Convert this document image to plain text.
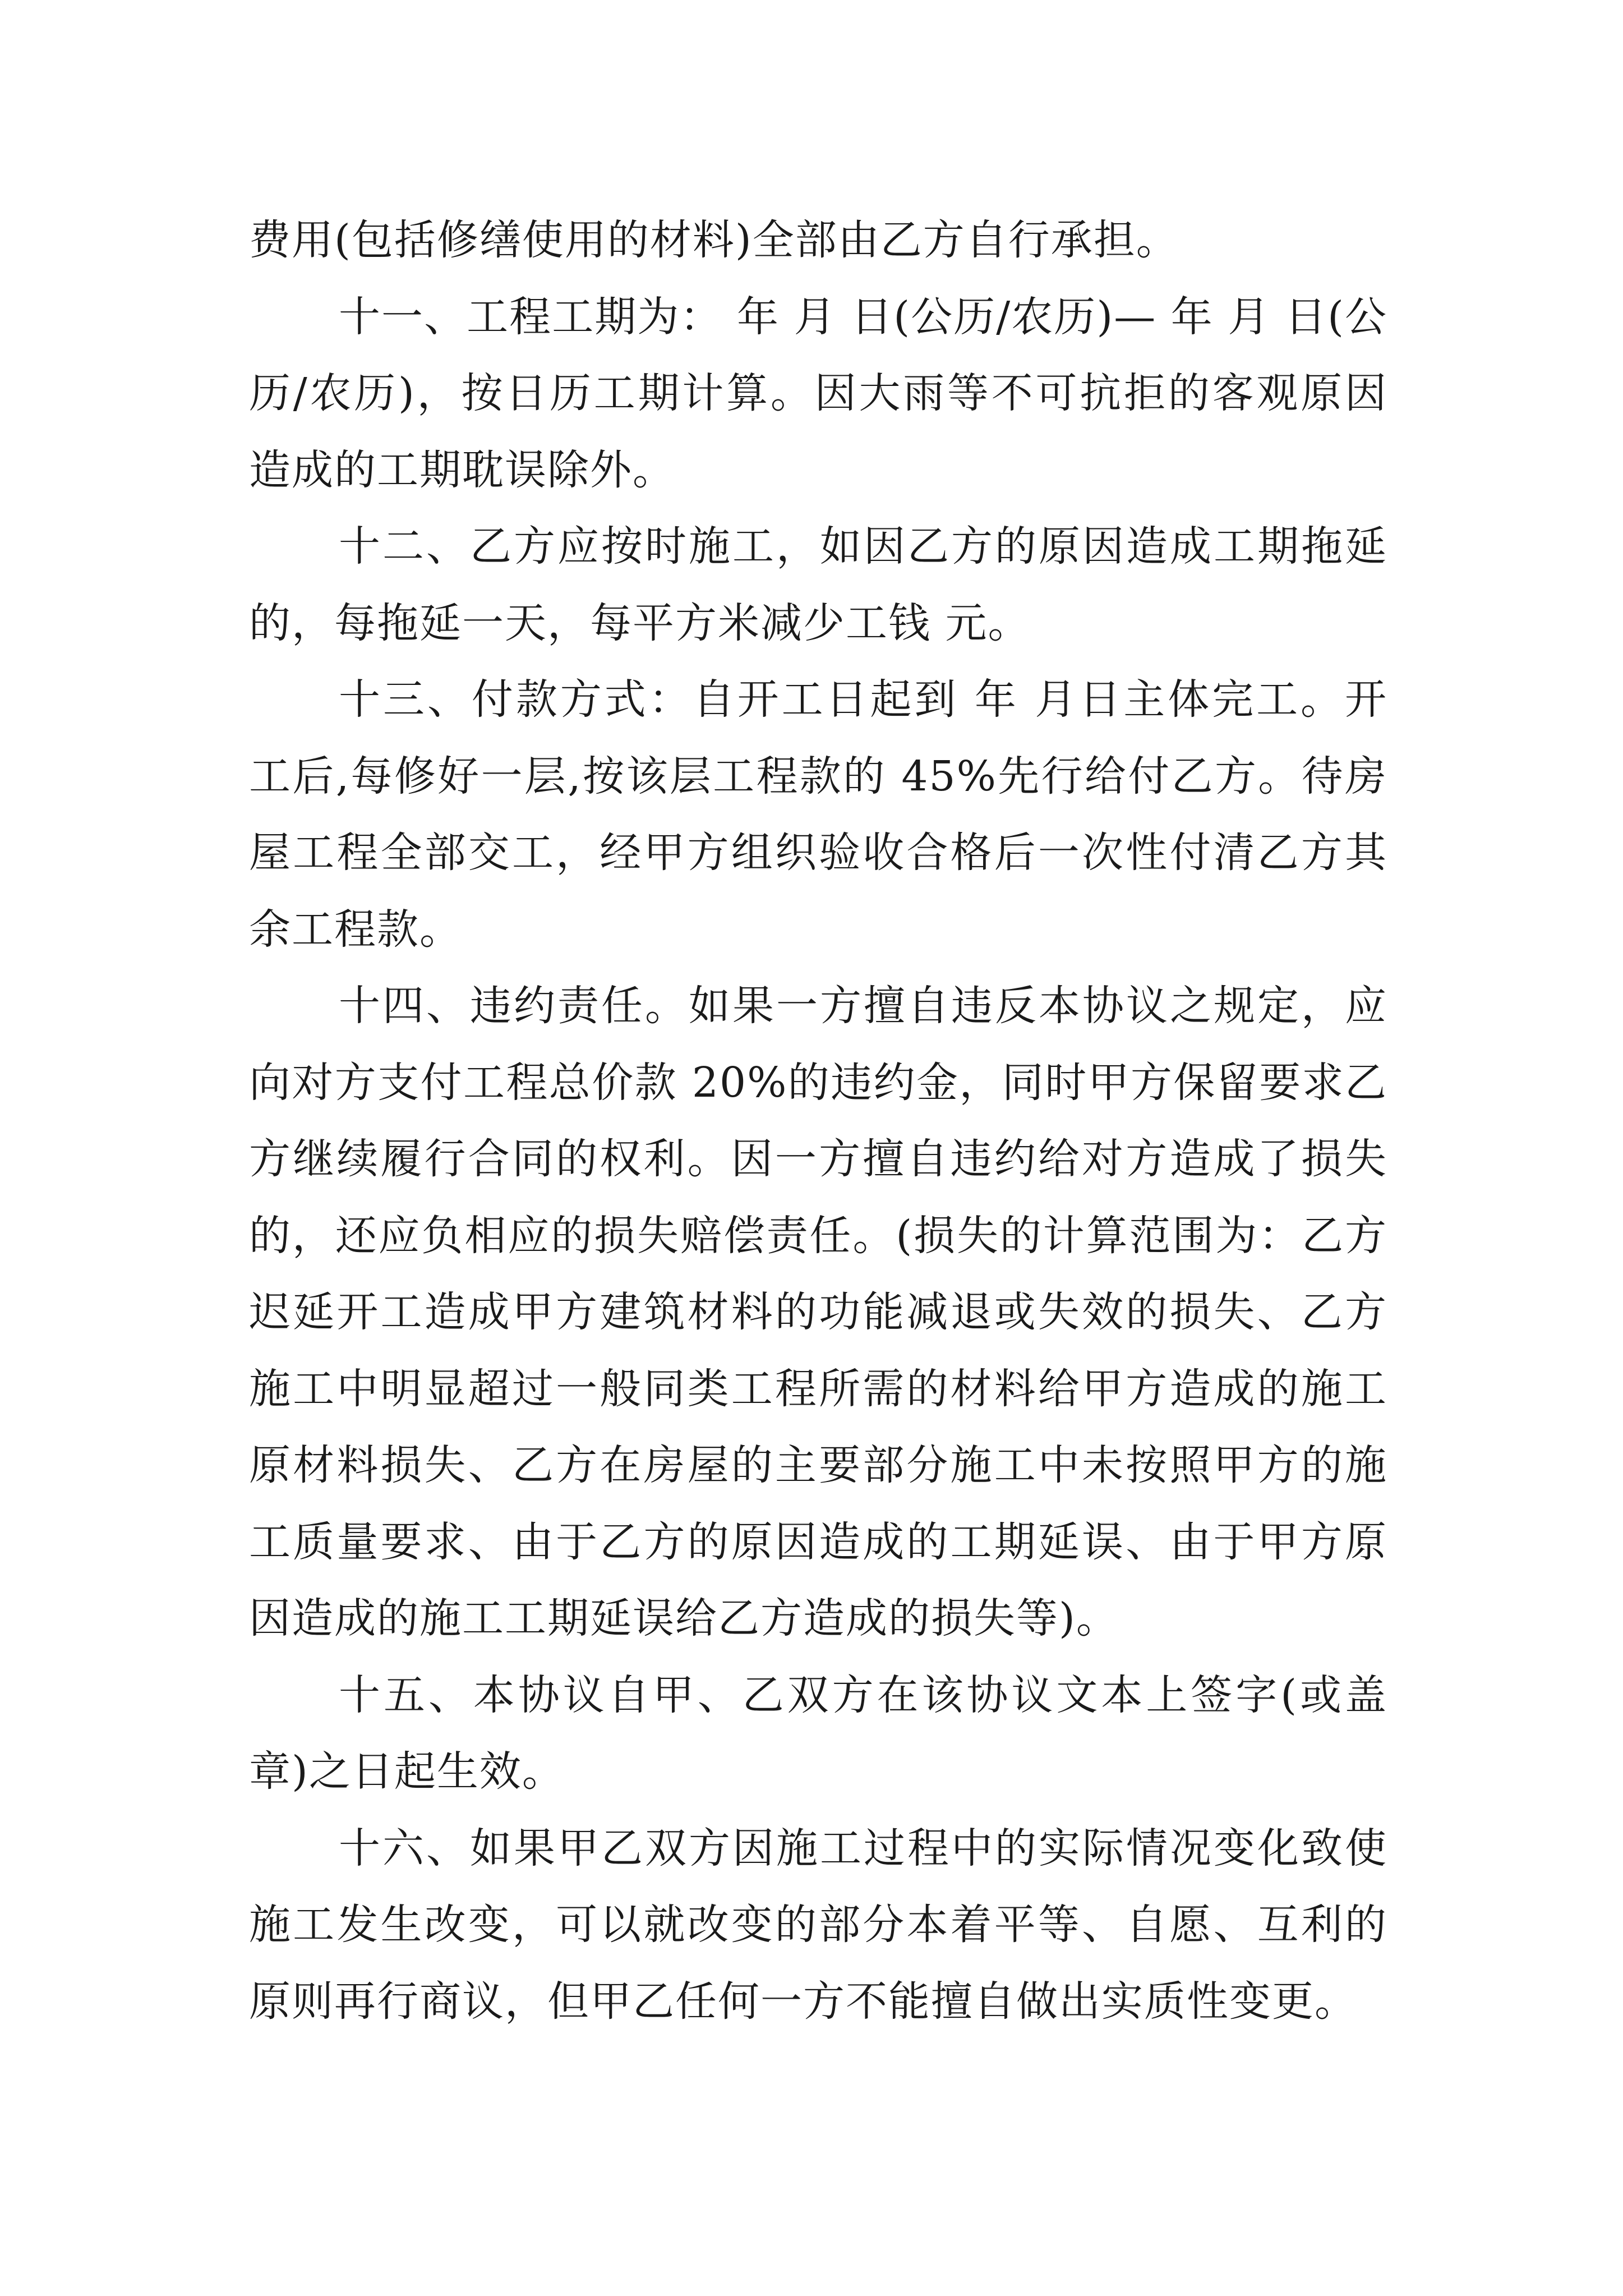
费用(包括修缮使用的材料)全部由乙方自行承担。

十一、工程工期为： 年 月 日(公历/农历)— 年 月 日(公历/农历)，按日历工期计算。因大雨等不可抗拒的客观原因造成的工期耽误除外。

十二、乙方应按时施工，如因乙方的原因造成工期拖延的，每拖延一天，每平方米减少工钱 元。

十三、付款方式：自开工日起到 年 月日主体完工。开工后,每修好一层,按该层工程款的 45%先行给付乙方。待房屋工程全部交工，经甲方组织验收合格后一次性付清乙方其余工程款。

十四、违约责任。如果一方擅自违反本协议之规定，应向对方支付工程总价款 20%的违约金，同时甲方保留要求乙方继续履行合同的权利。因一方擅自违约给对方造成了损失的，还应负相应的损失赔偿责任。(损失的计算范围为：乙方迟延开工造成甲方建筑材料的功能减退或失效的损失、乙方施工中明显超过一般同类工程所需的材料给甲方造成的施工原材料损失、乙方在房屋的主要部分施工中未按照甲方的施工质量要求、由于乙方的原因造成的工期延误、由于甲方原因造成的施工工期延误给乙方造成的损失等)。

十五、本协议自甲、乙双方在该协议文本上签字(或盖章)之日起生效。

十六、如果甲乙双方因施工过程中的实际情况变化致使施工发生改变，可以就改变的部分本着平等、自愿、互利的原则再行商议，但甲乙任何一方不能擅自做出实质性变更。
